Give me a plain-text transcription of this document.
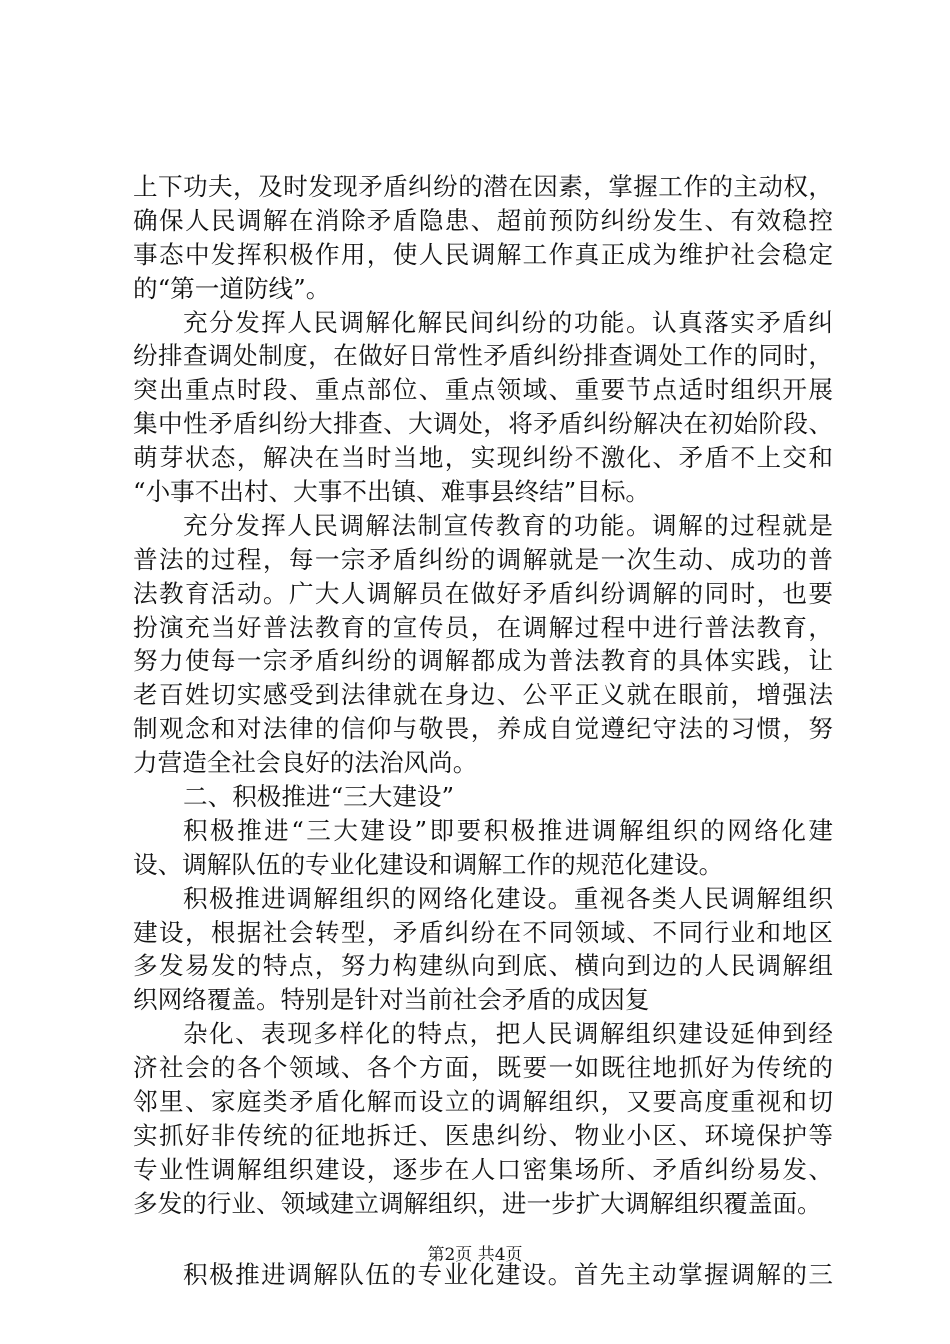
上下功夫，及时发现矛盾纠纷的潜在因素，掌握工作的主动权，
确保人民调解在消除矛盾隐患、超前预防纠纷发生、有效稳控
事态中发挥积极作用，使人民调解工作真正成为维护社会稳定
的“第一道防线”。
充分发挥人民调解化解民间纠纷的功能。认真落实矛盾纠
纷排查调处制度，在做好日常性矛盾纠纷排查调处工作的同时，
突出重点时段、重点部位、重点领域、重要节点适时组织开展
集中性矛盾纠纷大排查、大调处，将矛盾纠纷解决在初始阶段、
萌芽状态，解决在当时当地，实现纠纷不激化、矛盾不上交和
“小事不出村、大事不出镇、难事县终结”目标。
充分发挥人民调解法制宣传教育的功能。调解的过程就是
普法的过程，每一宗矛盾纠纷的调解就是一次生动、成功的普
法教育活动。广大人调解员在做好矛盾纠纷调解的同时，也要
扮演充当好普法教育的宣传员，在调解过程中进行普法教育，
努力使每一宗矛盾纠纷的调解都成为普法教育的具体实践，让
老百姓切实感受到法律就在身边、公平正义就在眼前，增强法
制观念和对法律的信仰与敬畏，养成自觉遵纪守法的习惯，努
力营造全社会良好的法治风尚。
二、积极推进“三大建设”
积极推进“三大建设”即要积极推进调解组织的网络化建
设、调解队伍的专业化建设和调解工作的规范化建设。
积极推进调解组织的网络化建设。重视各类人民调解组织
建设，根据社会转型，矛盾纠纷在不同领域、不同行业和地区
多发易发的特点，努力构建纵向到底、横向到边的人民调解组
织网络覆盖。特别是针对当前社会矛盾的成因复
杂化、表现多样化的特点，把人民调解组织建设延伸到经
济社会的各个领域、各个方面，既要一如既往地抓好为传统的
邻里、家庭类矛盾化解而设立的调解组织，又要高度重视和切
实抓好非传统的征地拆迁、医患纠纷、物业小区、环境保护等
专业性调解组织建设，逐步在人口密集场所、矛盾纠纷易发、
多发的行业、领域建立调解组织，进一步扩大调解组织覆盖面。
积极推进调解队伍的专业化建设。首先主动掌握调解的三
第2页 共4页
